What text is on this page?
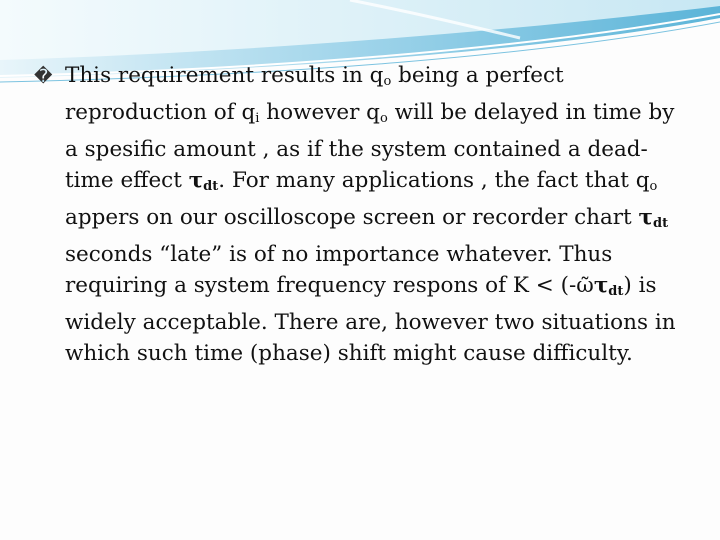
� This requirement results in $q_o$ being a perfect reproduction of $q_i$ however $q_o$ will be delayed in time by a spesific amount , as if the system contained a dead-time effect $\tau_{dt}$. For many applications , the fact that $q_o$ appers on our oscilloscope screen or recorder chart $\tau_{dt}$ seconds “late” is of no importance whatever. Thus requiring a system frequency respons of K < (-ῶτ$_{dt}$) is widely acceptable. There are, however two situations in which such time (phase) shift might cause difficulty.
